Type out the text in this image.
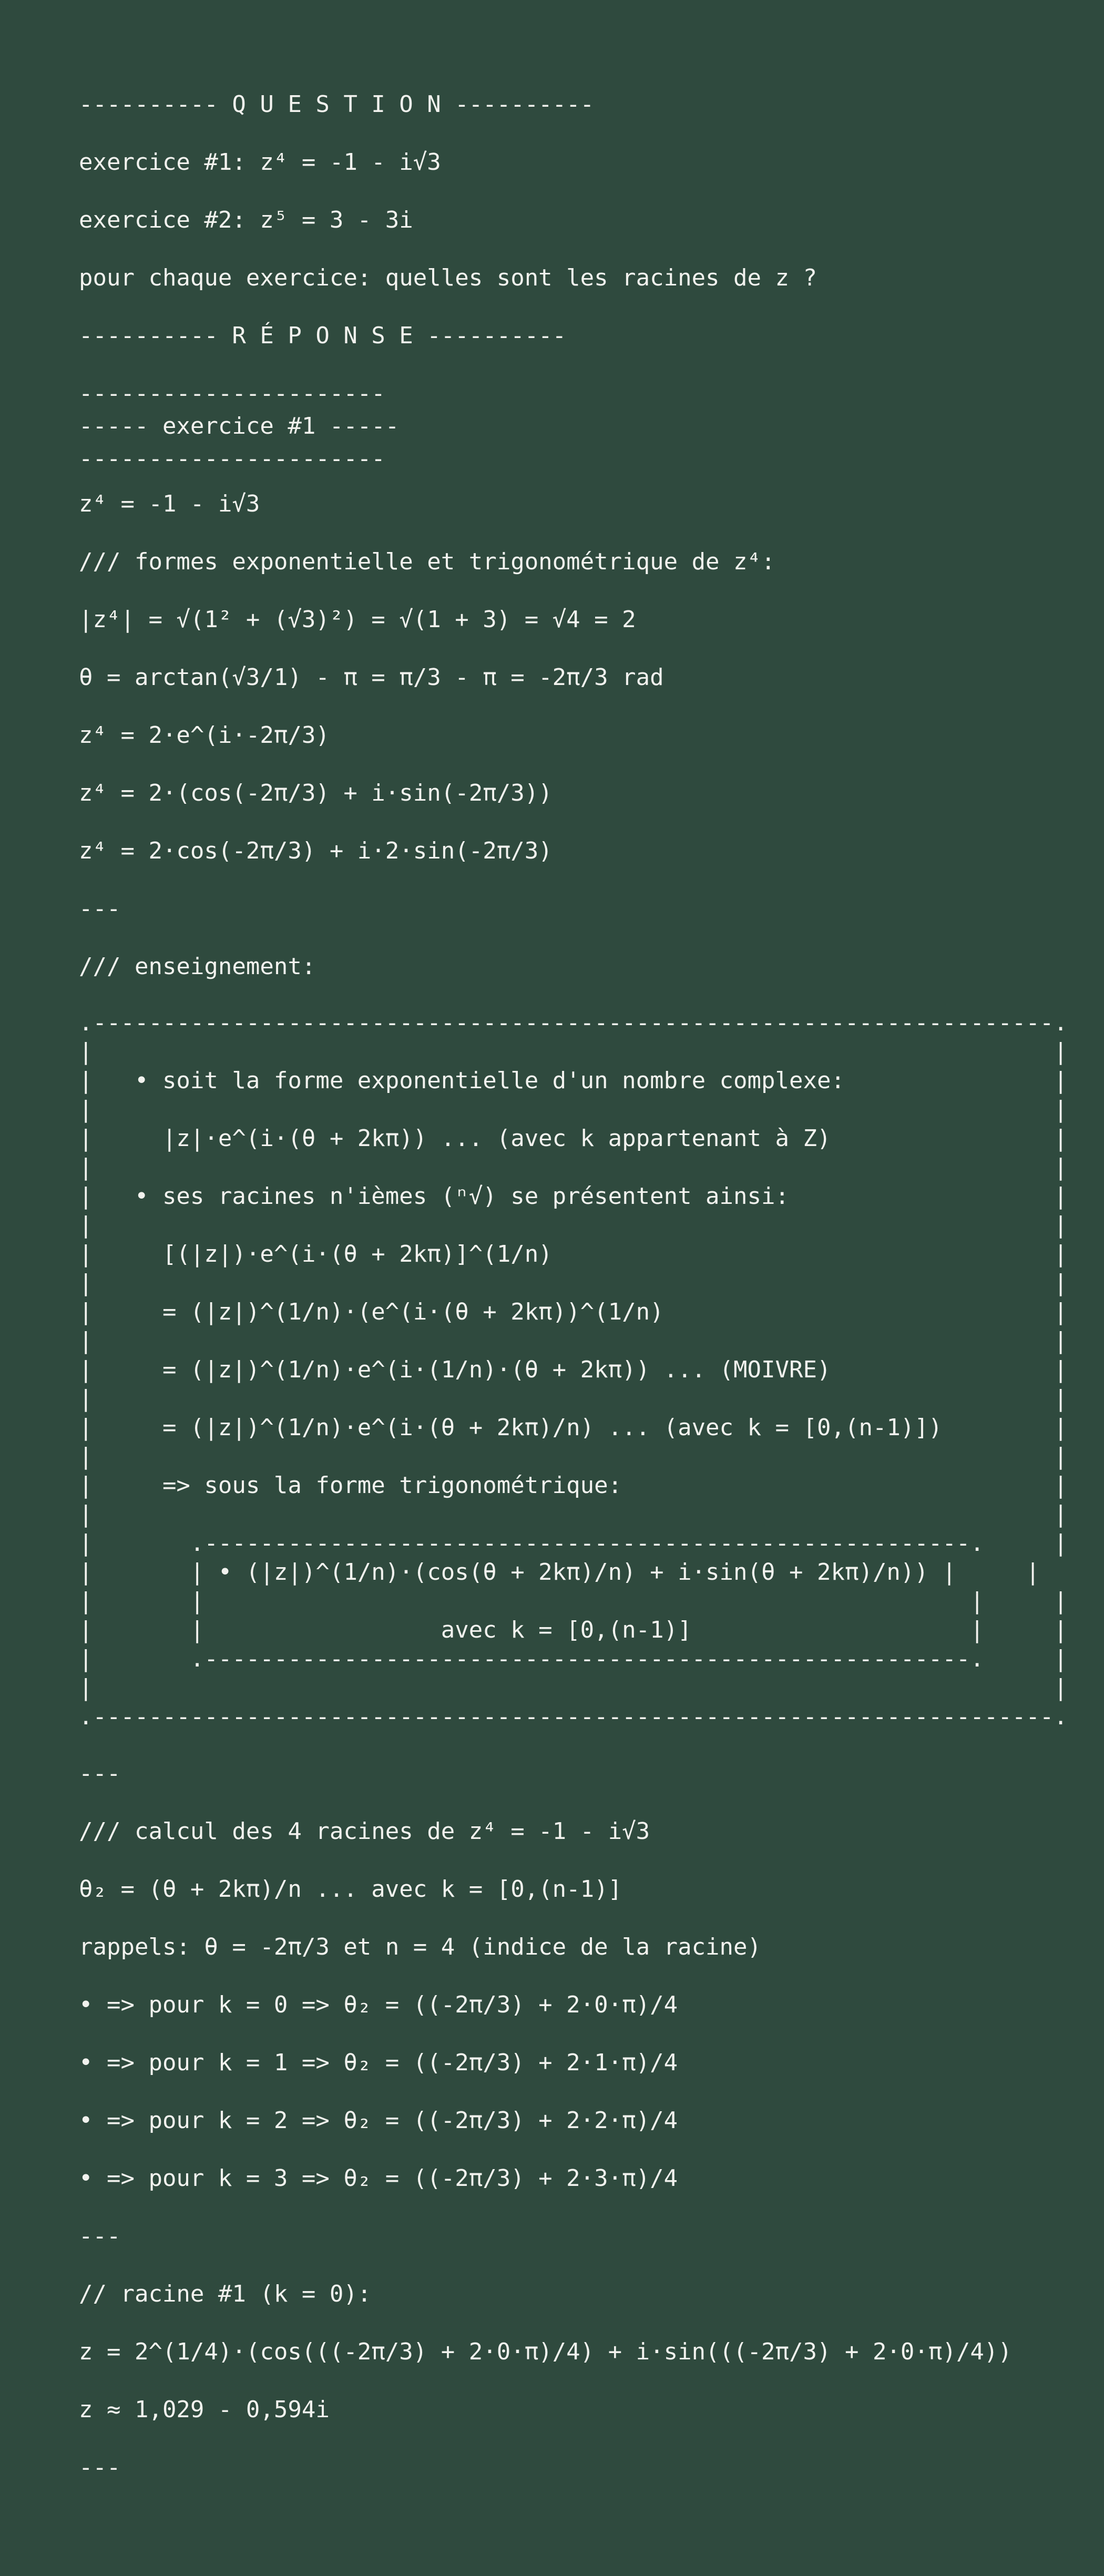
---------- Q U E S T I O N ----------
exercice #1: z⁴ = -1 - i√3
exercice #2: z⁵ = 3 - 3i
pour chaque exercice: quelles sont les racines de z ?
---------- R É P O N S E ----------
----------------------
----- exercice #1 -----
----------------------
z⁴ = -1 - i√3
/// formes exponentielle et trigonométrique de z⁴:
|z⁴| = √(1² + (√3)²) = √(1 + 3) = √4 = 2
θ = arctan(√3/1) - π = π/3 - π = -2π/3 rad
z⁴ = 2·e^(i·-2π/3)
z⁴ = 2·(cos(-2π/3) + i·sin(-2π/3))
z⁴ = 2·cos(-2π/3) + i·2·sin(-2π/3)
---
/// enseignement:
.---------------------------------------------------------------------.
|                                                                     |
|   • soit la forme exponentielle d'un nombre complexe:               |
|                                                                     |
|     |z|·e^(i·(θ + 2kπ)) ... (avec k appartenant à Z)                |
|                                                                     |
|   • ses racines n'ièmes (ⁿ√) se présentent ainsi:                   |
|                                                                     |
|     [(|z|)·e^(i·(θ + 2kπ)]^(1/n)                                    |
|                                                                     |
|     = (|z|)^(1/n)·(e^(i·(θ + 2kπ))^(1/n)                            |
|                                                                     |
|     = (|z|)^(1/n)·e^(i·(1/n)·(θ + 2kπ)) ... (MOIVRE)                |
|                                                                     |
|     = (|z|)^(1/n)·e^(i·(θ + 2kπ)/n) ... (avec k = [0,(n-1)])        |
|                                                                     |
|     => sous la forme trigonométrique:                               |
|                                                                     |
|       .-------------------------------------------------------.     |
|       | • (|z|)^(1/n)·(cos(θ + 2kπ)/n) + i·sin(θ + 2kπ)/n)) |     |
|       |                                                       |     |
|       |                 avec k = [0,(n-1)]                    |     |
|       .-------------------------------------------------------.     |
|                                                                     |
.---------------------------------------------------------------------.
---
/// calcul des 4 racines de z⁴ = -1 - i√3
θ₂ = (θ + 2kπ)/n ... avec k = [0,(n-1)]
rappels: θ = -2π/3 et n = 4 (indice de la racine)
• => pour k = 0 => θ₂ = ((-2π/3) + 2·0·π)/4
• => pour k = 1 => θ₂ = ((-2π/3) + 2·1·π)/4
• => pour k = 2 => θ₂ = ((-2π/3) + 2·2·π)/4
• => pour k = 3 => θ₂ = ((-2π/3) + 2·3·π)/4
---
// racine #1 (k = 0):
z = 2^(1/4)·(cos(((-2π/3) + 2·0·π)/4) + i·sin(((-2π/3) + 2·0·π)/4))
z ≈ 1,029 - 0,594i
---
